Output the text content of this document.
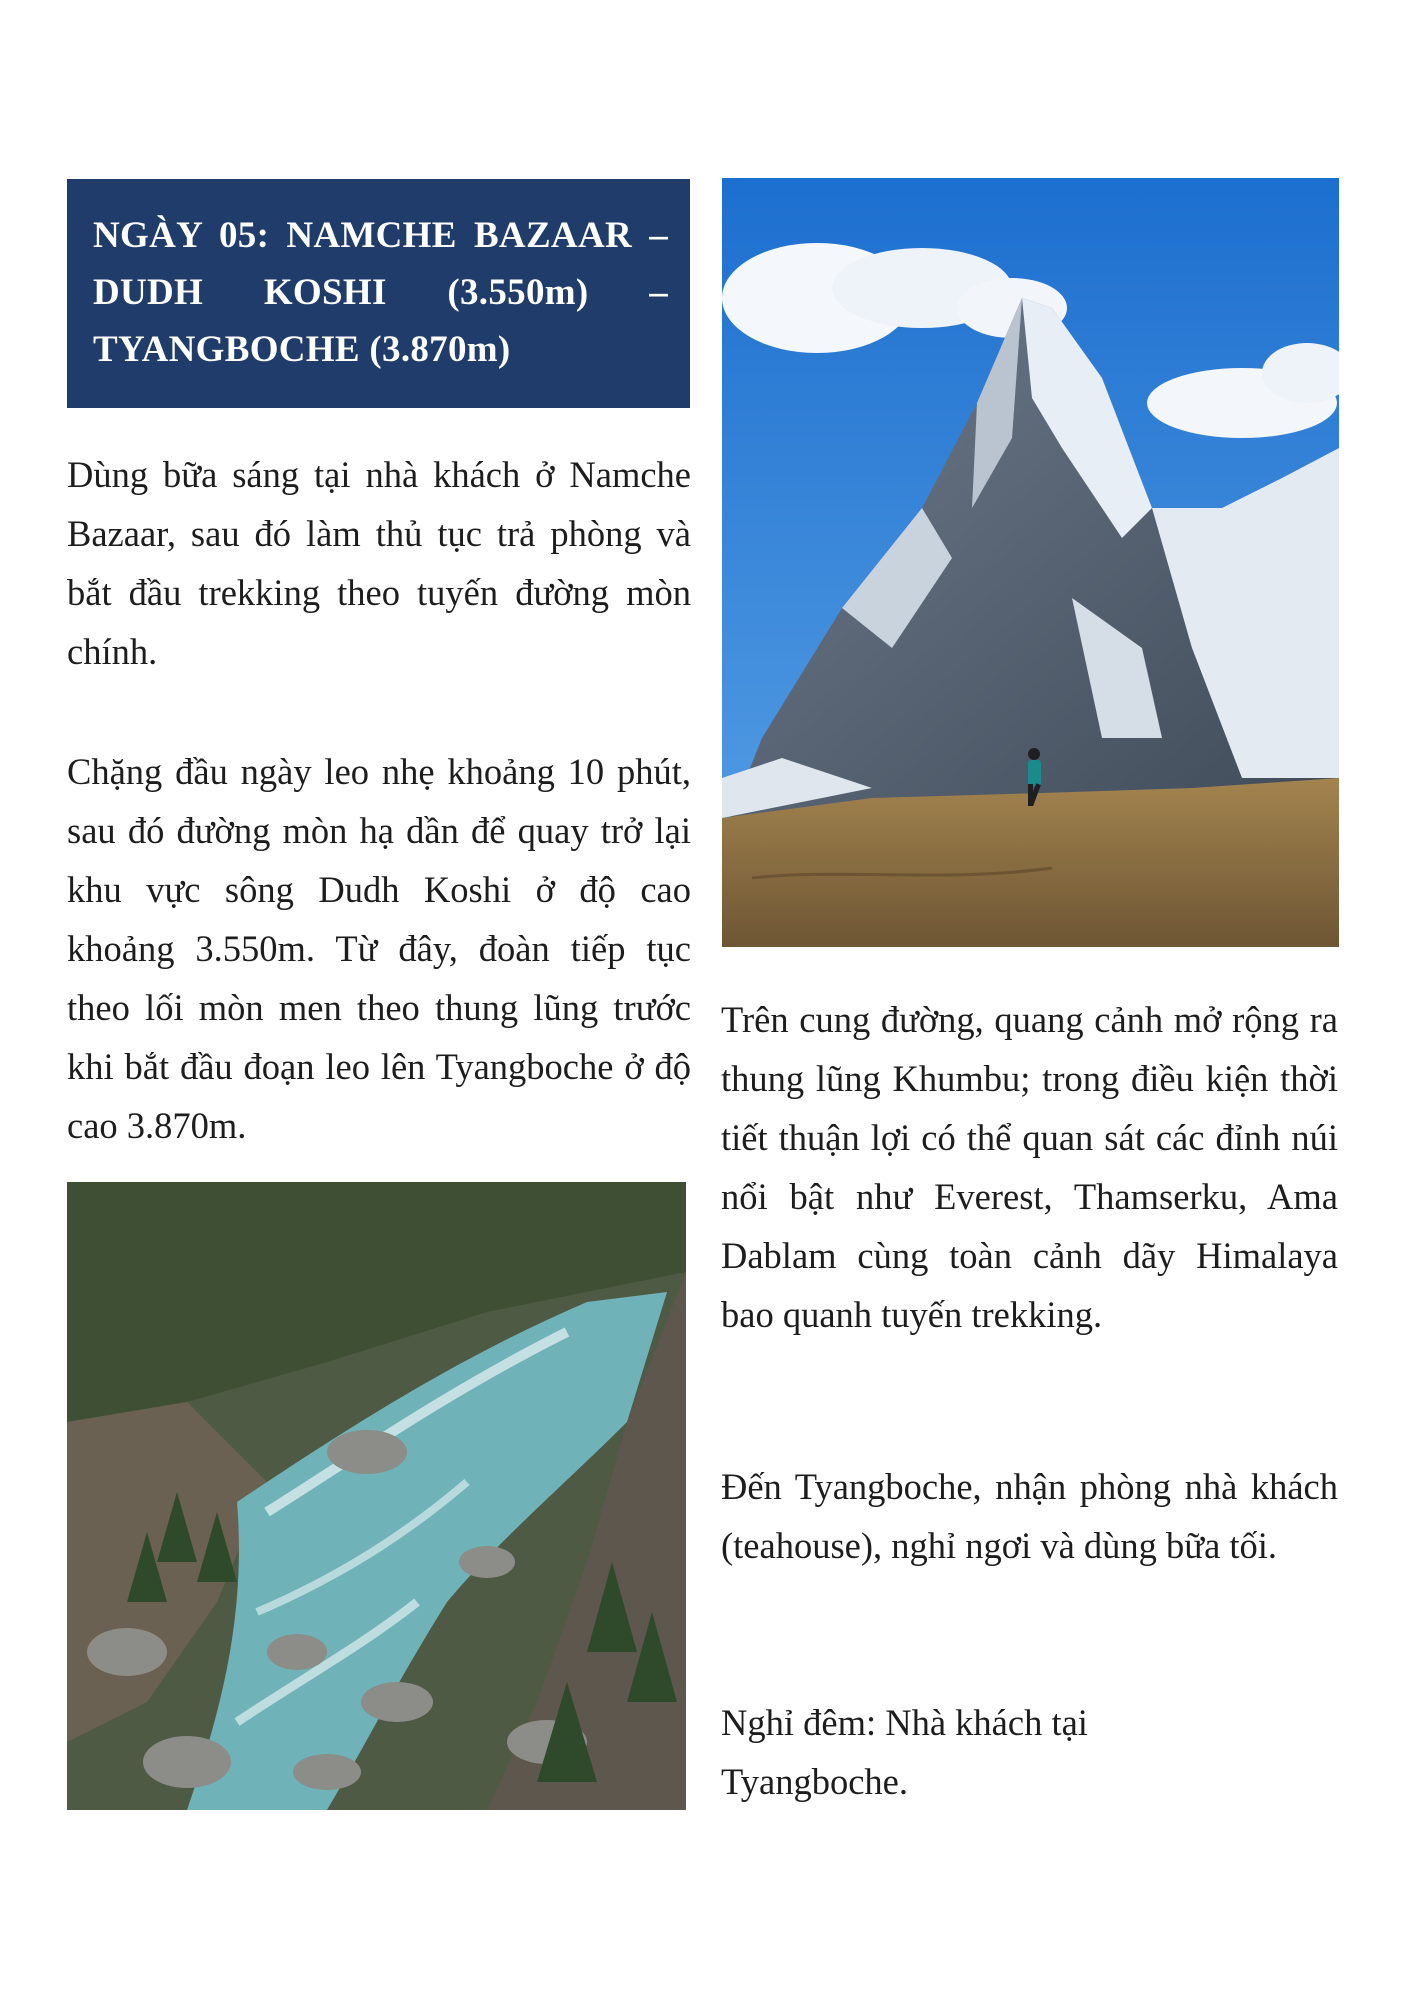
NGÀY 05: NAMCHE BAZAAR – DUDH KOSHI (3.550m) – TYANGBOCHE (3.870m)

Dùng bữa sáng tại nhà khách ở Namche Bazaar, sau đó làm thủ tục trả phòng và bắt đầu trekking theo tuyến đường mòn chính.

Chặng đầu ngày leo nhẹ khoảng 10 phút, sau đó đường mòn hạ dần để quay trở lại khu vực sông Dudh Koshi ở độ cao khoảng 3.550m. Từ đây, đoàn tiếp tục theo lối mòn men theo thung lũng trước khi bắt đầu đoạn leo lên Tyangboche ở độ cao 3.870m.

Trên cung đường, quang cảnh mở rộng ra thung lũng Khumbu; trong điều kiện thời tiết thuận lợi có thể quan sát các đỉnh núi nổi bật như Everest, Thamserku, Ama Dablam cùng toàn cảnh dãy Himalaya bao quanh tuyến trekking.

Đến Tyangboche, nhận phòng nhà khách (teahouse), nghỉ ngơi và dùng bữa tối.

Nghỉ đêm: Nhà khách tại
Tyangboche.
